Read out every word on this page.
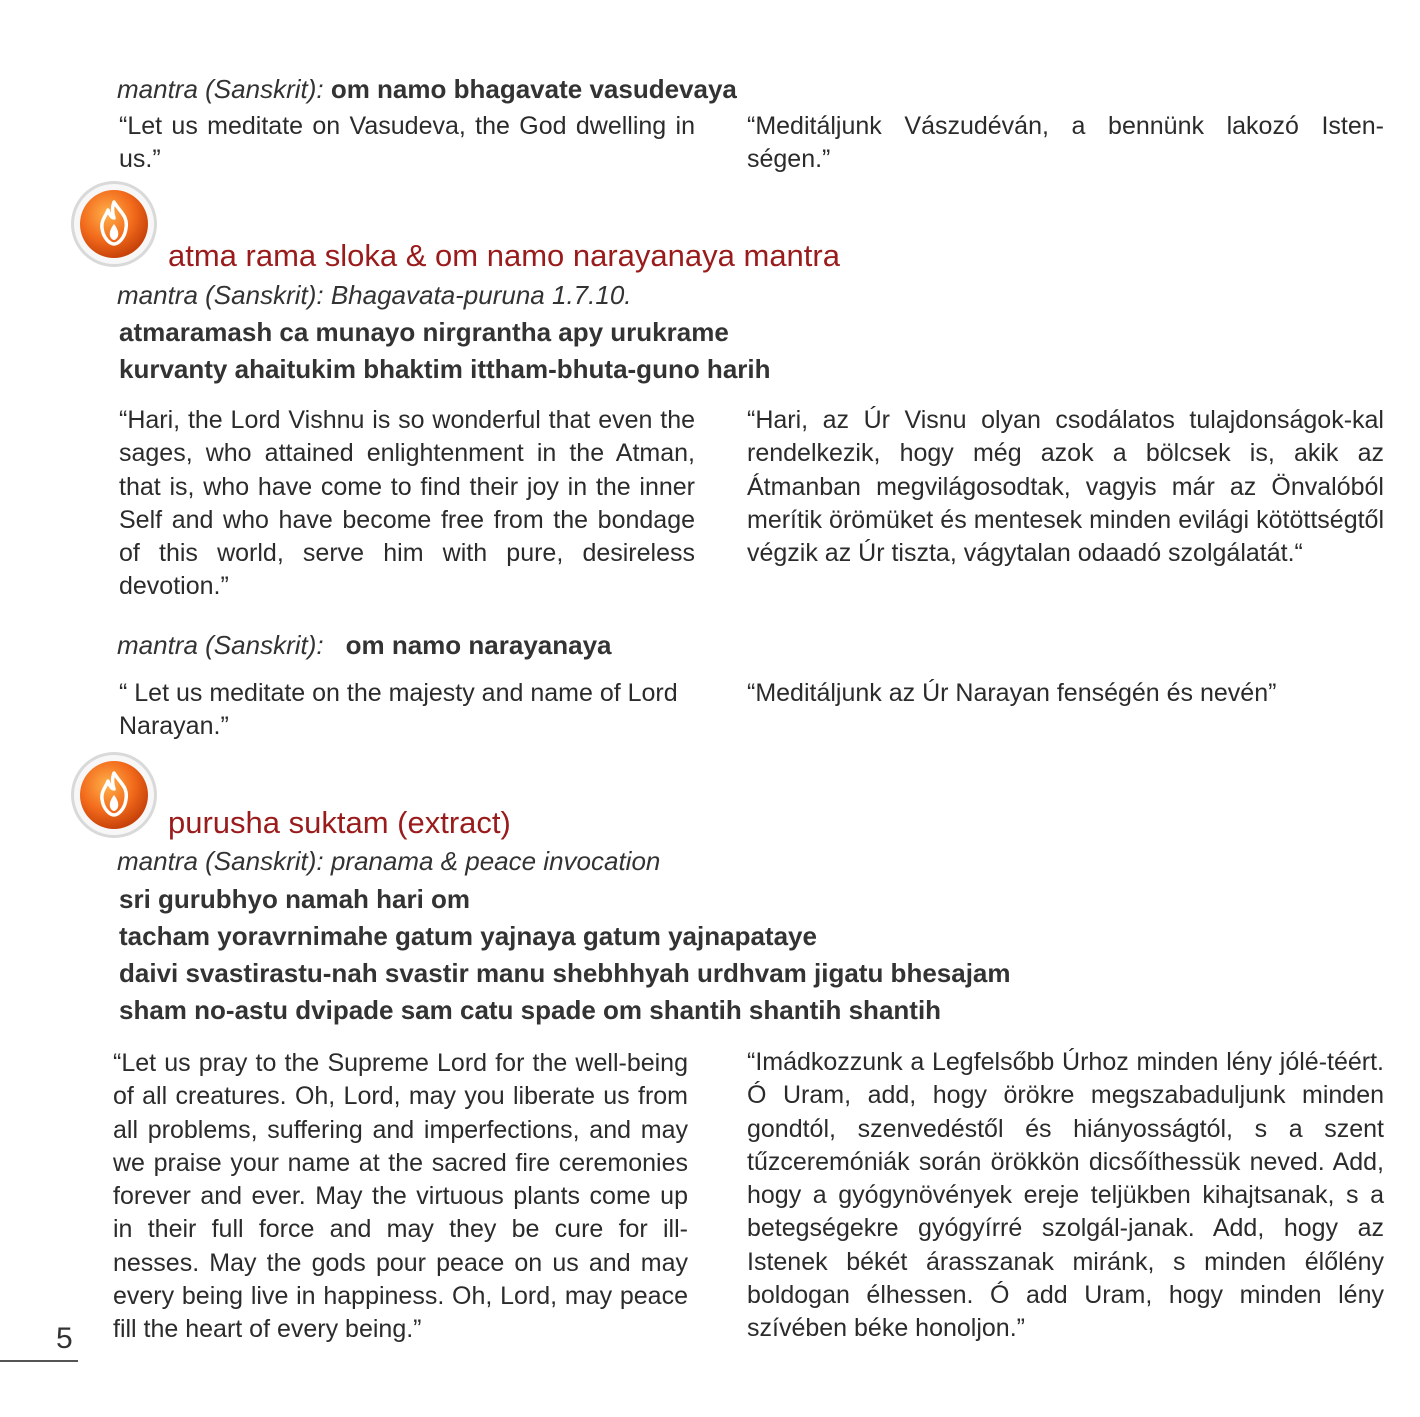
mantra (Sanskrit): om namo bhagavate vasudevaya

“Let us meditate on Vasudeva, the God dwelling in us.”

“Meditáljunk Vászudéván, a bennünk lakozó Isten-ségen.”

atma rama sloka & om namo narayanaya mantra
mantra (Sanskrit): Bhagavata-puruna 1.7.10.
atmaramash ca munayo nirgrantha apy urukrame
kurvanty ahaitukim bhaktim ittham-bhuta-guno harih

“Hari, the Lord Vishnu is so wonderful that even the sages, who attained enlightenment in the Atman, that is, who have come to find their joy in the inner Self and who have become free from the bondage of this world, serve him with pure, desireless devotion.”

“Hari, az Úr Visnu olyan csodálatos tulajdonságok-kal rendelkezik, hogy még azok a bölcsek is, akik az Átmanban megvilágosodtak, vagyis már az Önvalóból merítik örömüket és mentesek minden evilági kötöttségtől végzik az Úr tiszta, vágytalan odaadó szolgálatát.“

mantra (Sanskrit): om namo narayanaya

“ Let us meditate on the majesty and name of Lord Narayan.”

“Meditáljunk az Úr Narayan fenségén és nevén”

purusha suktam (extract)
mantra (Sanskrit): pranama & peace invocation
sri gurubhyo namah hari om
tacham yoravrnimahe gatum yajnaya gatum yajnapataye
daivi svastirastu-nah svastir manu shebhhyah urdhvam jigatu bhesajam
sham no-astu dvipade sam catu spade om shantih shantih shantih

“Let us pray to the Supreme Lord for the well-being of all creatures. Oh, Lord, may you liberate us from all problems, suffering and imperfections, and may we praise your name at the sacred fire ceremonies forever and ever. May the virtuous plants come up in their full force and may they be cure for ill-nesses. May the gods pour peace on us and may every being live in happiness. Oh, Lord, may peace fill the heart of every being.”

“Imádkozzunk a Legfelsőbb Úrhoz minden lény jólé-téért. Ó Uram, add, hogy örökre megszabaduljunk minden gondtól, szenvedéstől és hiányosságtól, s a szent tűzceremóniák során örökkön dicsőíthessük neved. Add, hogy a gyógynövények ereje teljükben kihajtsanak, s a betegségekre gyógyírré szolgál-janak. Add, hogy az Istenek békét árasszanak miránk, s minden élőlény boldogan élhessen. Ó add Uram, hogy minden lény szívében béke honoljon.”

5
